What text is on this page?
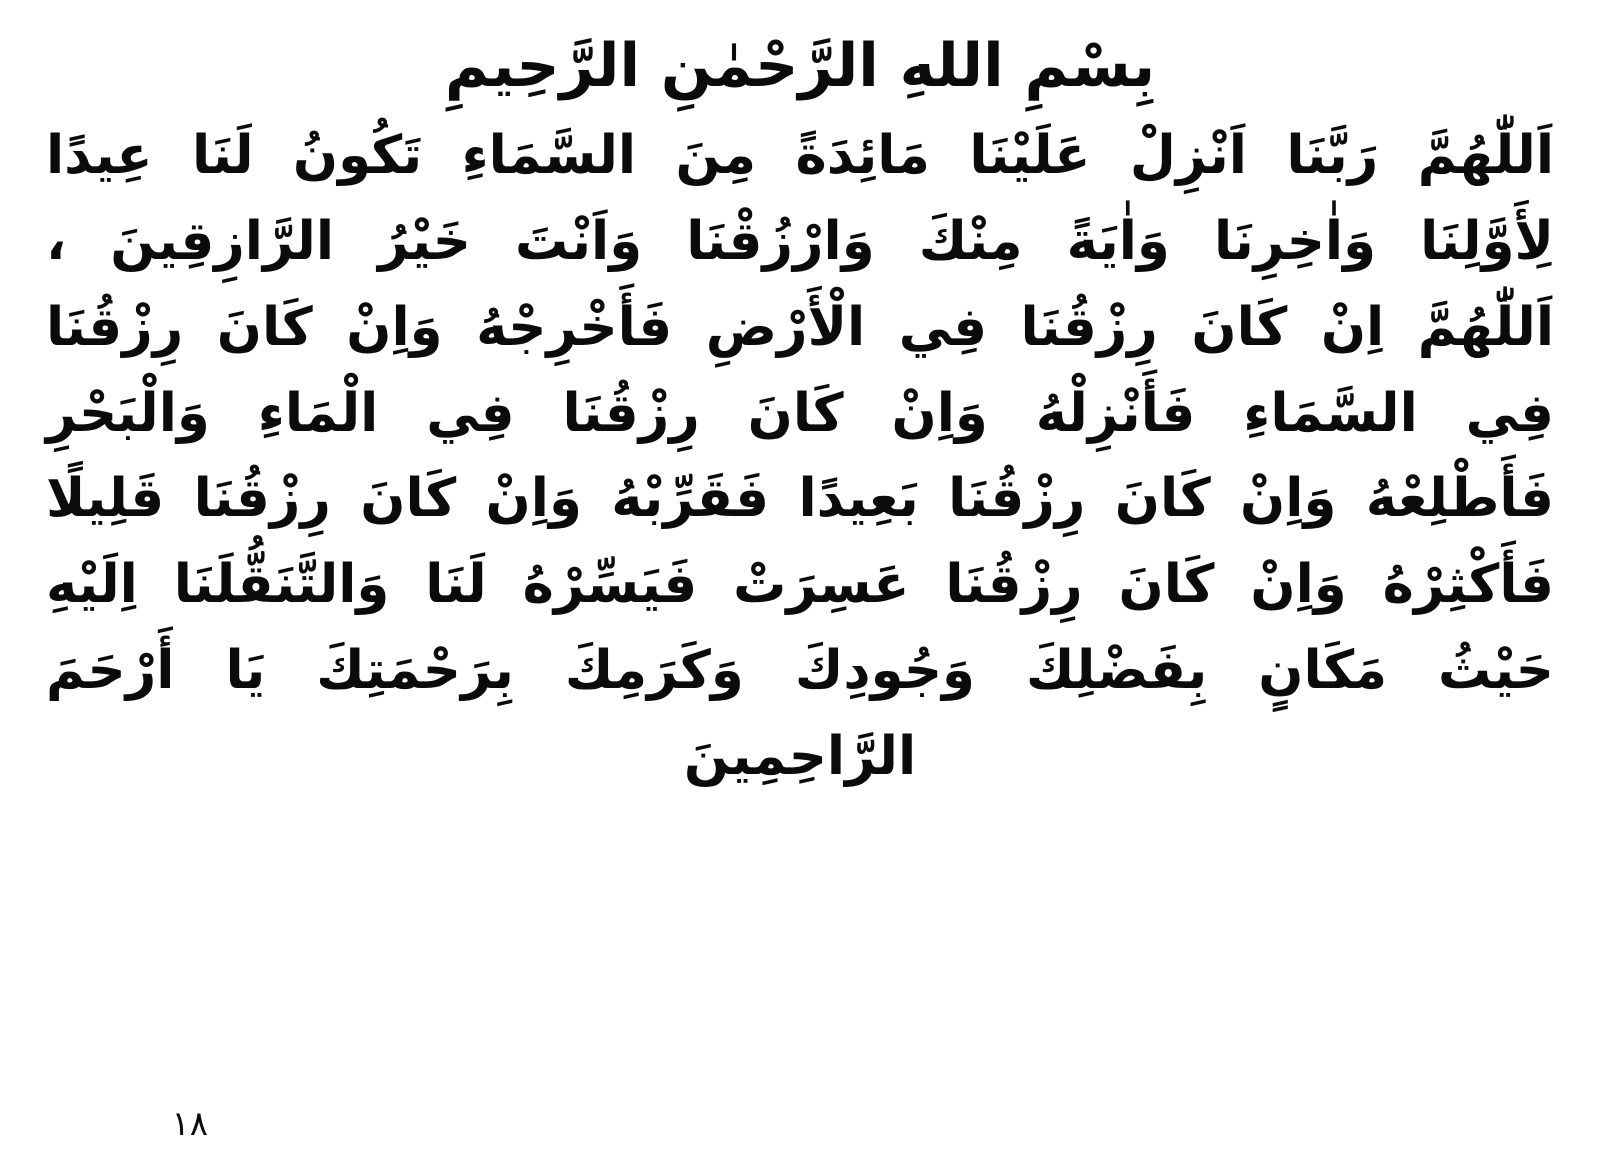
بِسْمِ اللهِ الرَّحْمٰنِ الرَّحِيمِ
اَللّٰهُمَّ رَبَّنَا اَنْزِلْ عَلَيْنَا مَائِدَةً مِنَ السَّمَاءِ تَكُونُ لَنَا عِيدًا لِأَوَّلِنَا وَاٰخِرِنَا وَاٰيَةً مِنْكَ وَارْزُقْنَا وَاَنْتَ خَيْرُ الرَّازِقِينَ ، اَللّٰهُمَّ اِنْ كَانَ رِزْقُنَا فِي الْأَرْضِ فَأَخْرِجْهُ وَاِنْ كَانَ رِزْقُنَا فِي السَّمَاءِ فَأَنْزِلْهُ وَاِنْ كَانَ رِزْقُنَا فِي الْمَاءِ وَالْبَحْرِ فَأَطْلِعْهُ وَاِنْ كَانَ رِزْقُنَا بَعِيدًا فَقَرِّبْهُ وَاِنْ كَانَ رِزْقُنَا قَلِيلًا فَأَكْثِرْهُ وَاِنْ كَانَ رِزْقُنَا عَسِرَتْ فَيَسِّرْهُ لَنَا وَالتَّنَقُّلَنَا اِلَيْهِ حَيْثُ مَكَانٍ بِفَضْلِكَ وَجُودِكَ وَكَرَمِكَ بِرَحْمَتِكَ يَا أَرْحَمَ الرَّاحِمِينَ
١٨
